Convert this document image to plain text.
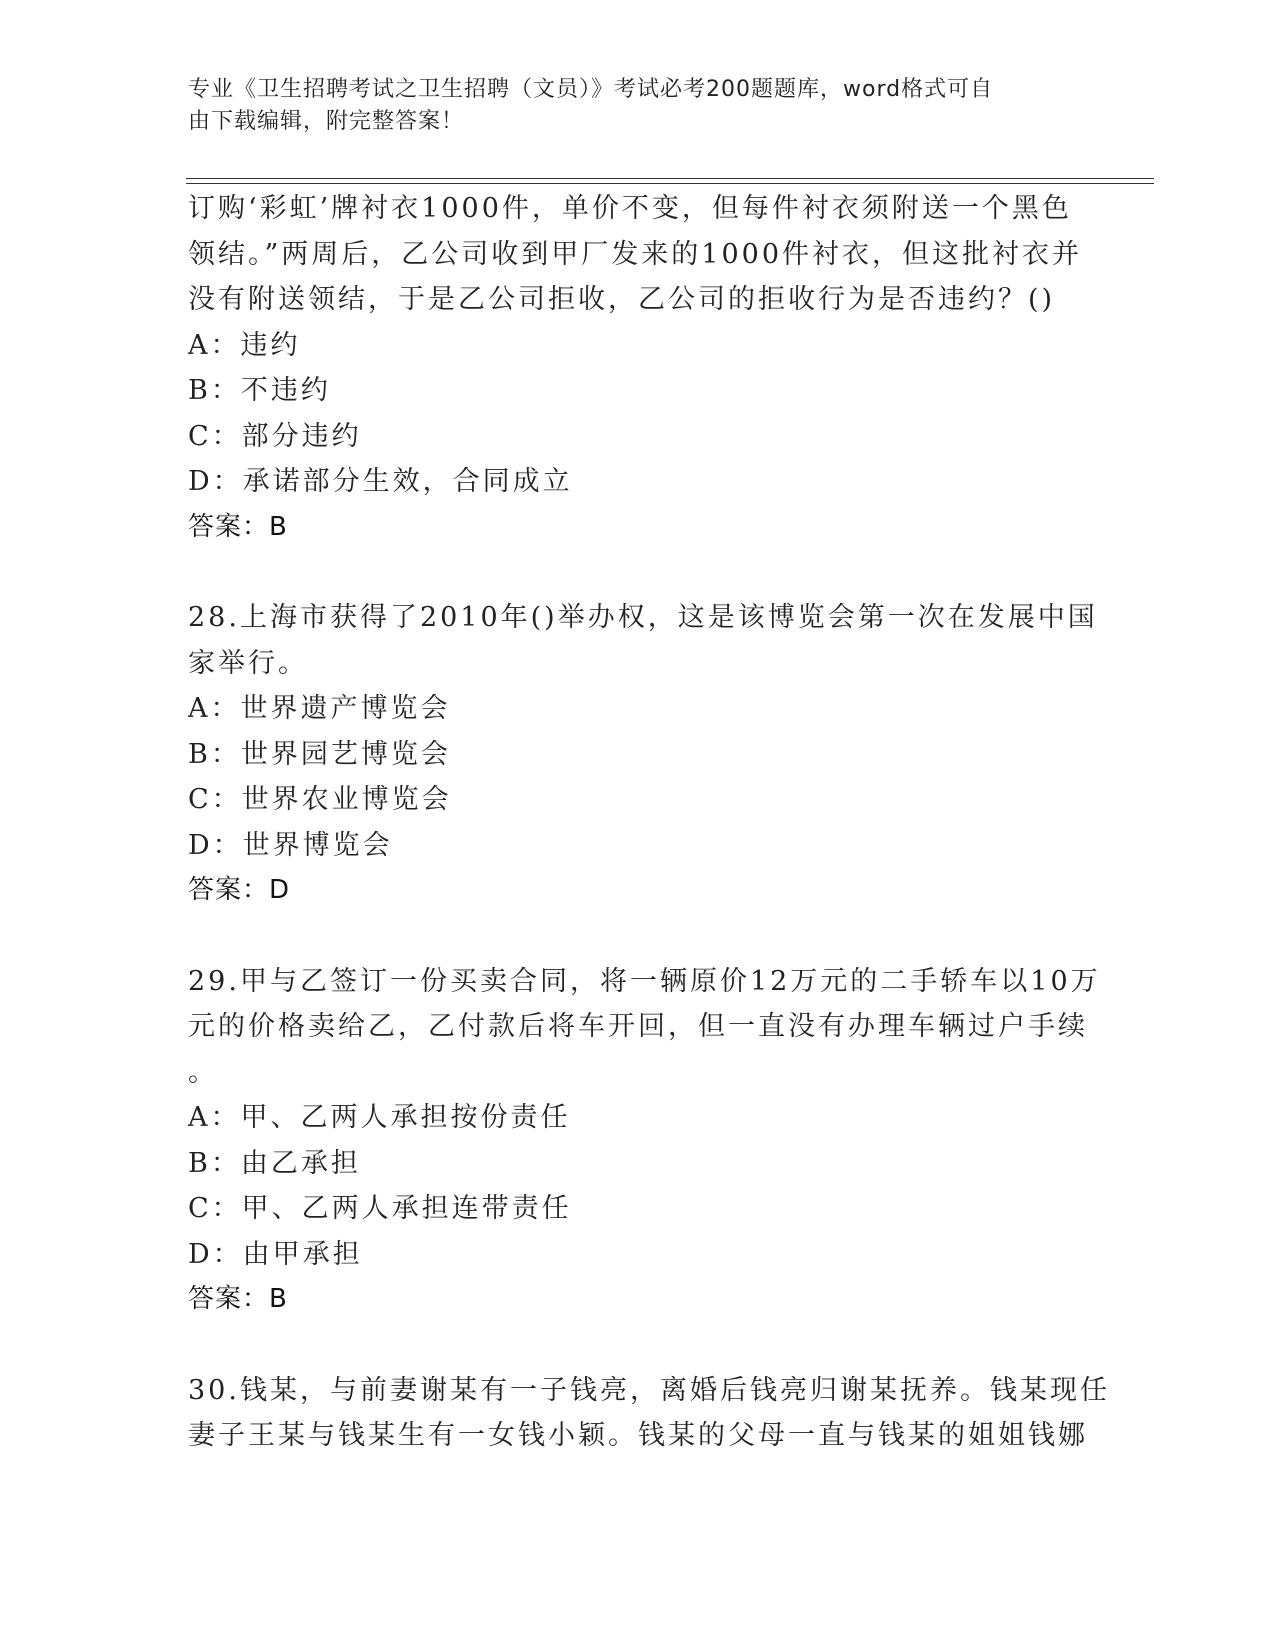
专业《卫生招聘考试之卫生招聘（文员）》考试必考200题题库，word格式可自
由下载编辑，附完整答案！
订购‘彩虹’牌衬衣1000件，单价不变，但每件衬衣须附送一个黑色
领结。”两周后，乙公司收到甲厂发来的1000件衬衣，但这批衬衣并
没有附送领结，于是乙公司拒收，乙公司的拒收行为是否违约？()
A：违约
B：不违约
C：部分违约
D：承诺部分生效，合同成立
答案：B
28.上海市获得了2010年()举办权，这是该博览会第一次在发展中国
家举行。
A：世界遗产博览会
B：世界园艺博览会
C：世界农业博览会
D：世界博览会
答案：D
29.甲与乙签订一份买卖合同，将一辆原价12万元的二手轿车以10万
元的价格卖给乙，乙付款后将车开回，但一直没有办理车辆过户手续
。
A：甲、乙两人承担按份责任
B：由乙承担
C：甲、乙两人承担连带责任
D：由甲承担
答案：B
30.钱某，与前妻谢某有一子钱亮，离婚后钱亮归谢某抚养。钱某现任
妻子王某与钱某生有一女钱小颖。钱某的父母一直与钱某的姐姐钱娜
